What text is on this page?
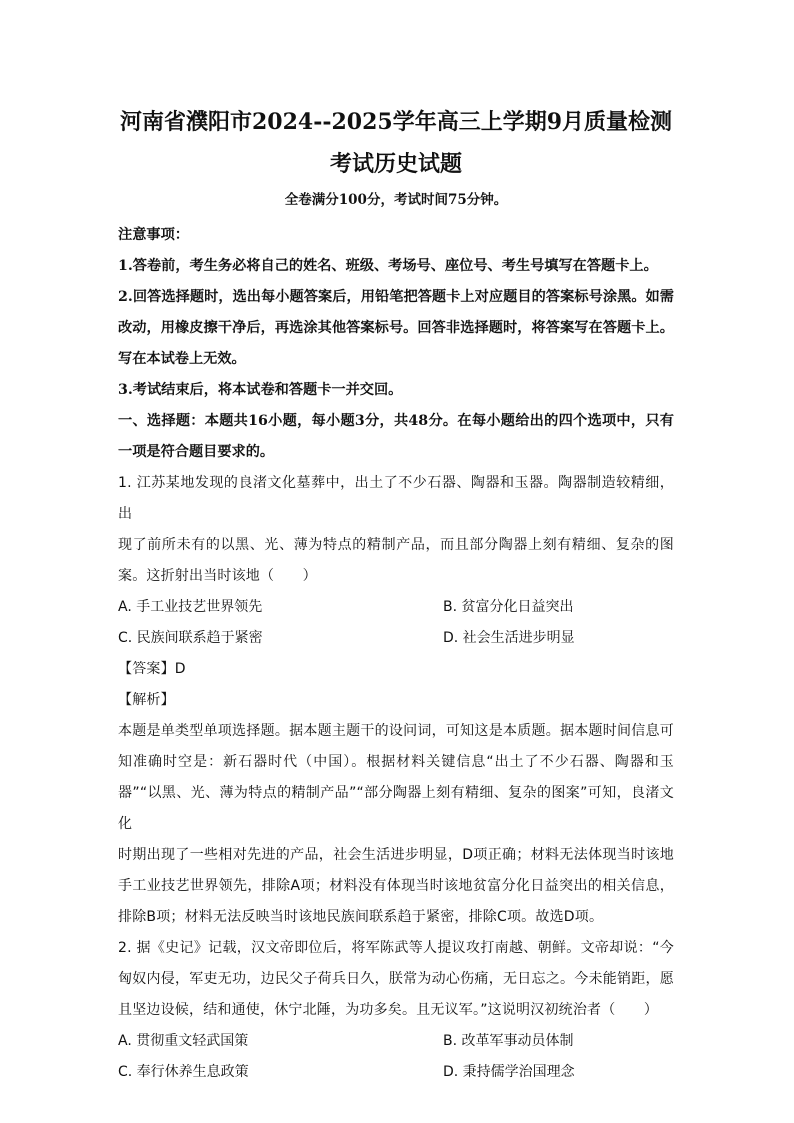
河南省濮阳市2024--2025学年高三上学期9月质量检测

考试历史试题

全卷满分100分，考试时间75分钟。

注意事项：

1.答卷前，考生务必将自己的姓名、班级、考场号、座位号、考生号填写在答题卡上。

2.回答选择题时，选出每小题答案后，用铅笔把答题卡上对应题目的答案标号涂黑。如需

改动，用橡皮擦干净后，再选涂其他答案标号。回答非选择题时，将答案写在答题卡上。

写在本试卷上无效。

3.考试结束后，将本试卷和答题卡一并交回。

一、选择题：本题共16小题，每小题3分，共48分。在每小题给出的四个选项中，只有

一项是符合题目要求的。

1. 江苏某地发现的良渚文化墓葬中，出土了不少石器、陶器和玉器。陶器制造较精细，出

现了前所未有的以黑、光、薄为特点的精制产品，而且部分陶器上刻有精细、复杂的图

案。这折射出当时该地（　　）

A. 手工业技艺世界领先	B. 贫富分化日益突出
C. 民族间联系趋于紧密	D. 社会生活进步明显

【答案】D

【解析】

本题是单类型单项选择题。据本题主题干的设问词，可知这是本质题。据本题时间信息可

知准确时空是：新石器时代（中国）。根据材料关键信息“出土了不少石器、陶器和玉

器”“以黑、光、薄为特点的精制产品”“部分陶器上刻有精细、复杂的图案”可知，良渚文化

时期出现了一些相对先进的产品，社会生活进步明显，D项正确；材料无法体现当时该地

手工业技艺世界领先，排除A项；材料没有体现当时该地贫富分化日益突出的相关信息，

排除B项；材料无法反映当时该地民族间联系趋于紧密，排除C项。故选D项。

2. 据《史记》记载，汉文帝即位后，将军陈武等人提议攻打南越、朝鲜。文帝却说：“今

匈奴内侵，军吏无功，边民父子荷兵日久，朕常为动心伤痛，无日忘之。今未能销距，愿

且坚边设候，结和通使，休宁北陲，为功多矣。且无议军。”这说明汉初统治者（　　）

A. 贯彻重文轻武国策	B. 改革军事动员体制
C. 奉行休养生息政策	D. 秉持儒学治国理念
